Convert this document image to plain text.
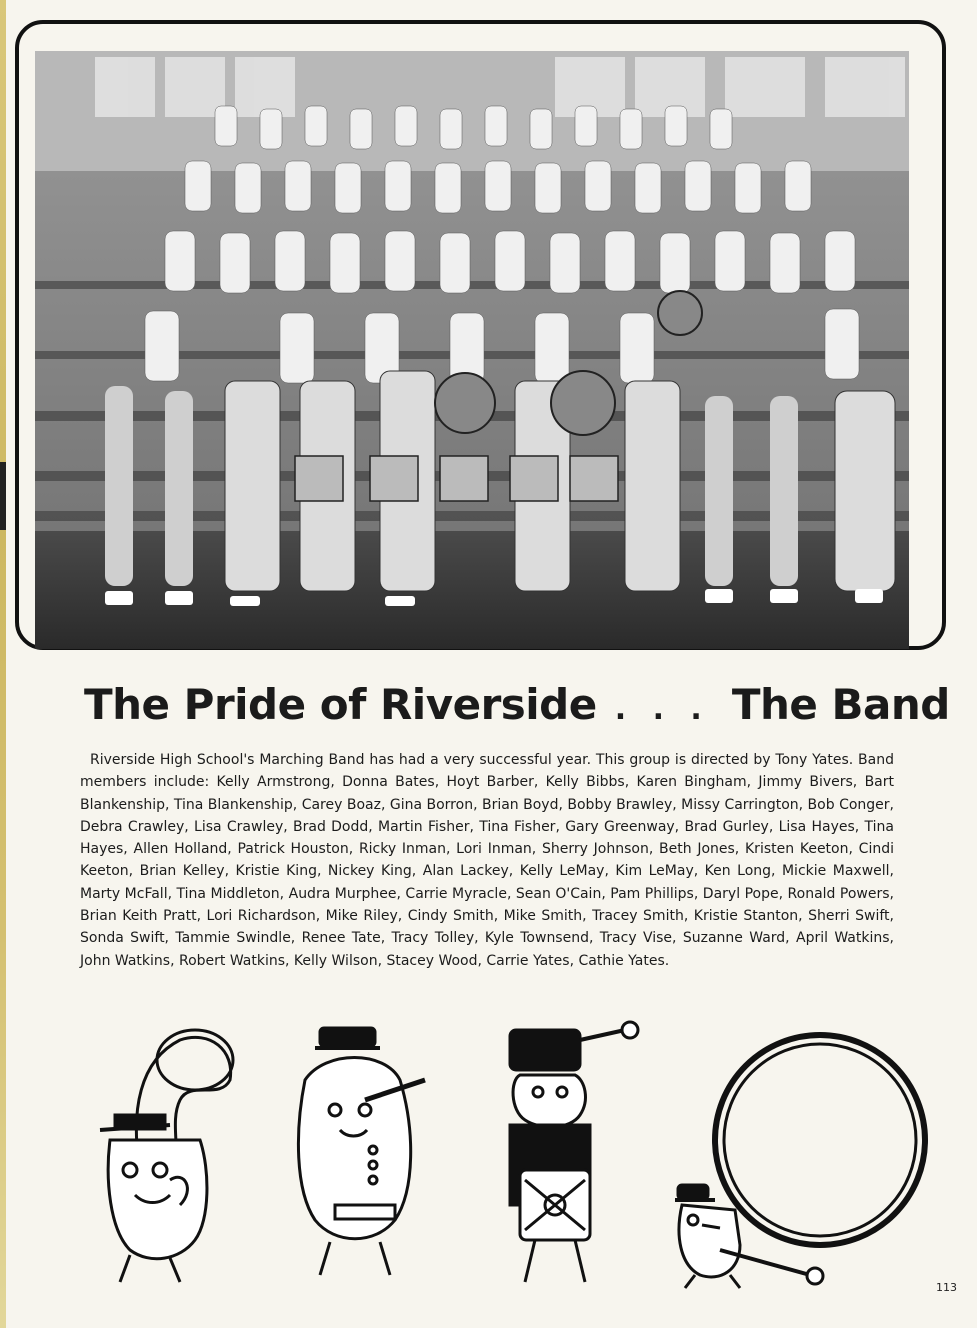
The Pride of Riverside . . . The Band

Riverside High School's Marching Band has had a very successful year. This group is directed by Tony Yates. Band members include: Kelly Armstrong, Donna Bates, Hoyt Barber, Kelly Bibbs, Karen Bingham, Jimmy Bivers, Bart Blankenship, Tina Blankenship, Carey Boaz, Gina Borron, Brian Boyd, Bobby Brawley, Missy Carrington, Bob Conger, Debra Crawley, Lisa Crawley, Brad Dodd, Martin Fisher, Tina Fisher, Gary Greenway, Brad Gurley, Lisa Hayes, Tina Hayes, Allen Holland, Patrick Houston, Ricky Inman, Lori Inman, Sherry Johnson, Beth Jones, Kristen Keeton, Cindi Keeton, Brian Kelley, Kristie King, Nickey King, Alan Lackey, Kelly LeMay, Kim LeMay, Ken Long, Mickie Maxwell, Marty McFall, Tina Middleton, Audra Murphee, Carrie Myracle, Sean O'Cain, Pam Phillips, Daryl Pope, Ronald Powers, Brian Keith Pratt, Lori Richardson, Mike Riley, Cindy Smith, Mike Smith, Tracey Smith, Kristie Stanton, Sherri Swift, Sonda Swift, Tammie Swindle, Renee Tate, Tracy Tolley, Kyle Townsend, Tracy Vise, Suzanne Ward, April Watkins, John Watkins, Robert Watkins, Kelly Wilson, Stacey Wood, Carrie Yates, Cathie Yates.

113
